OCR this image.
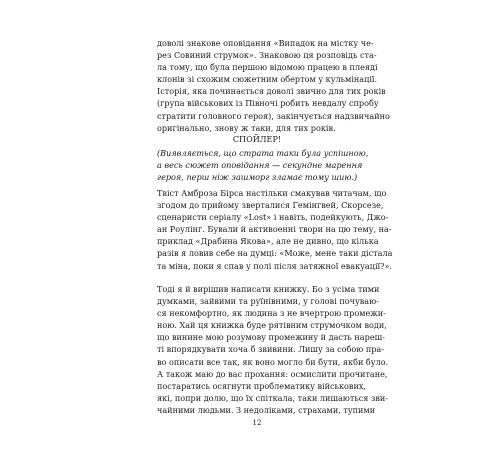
доволі знакове оповідання «Випадок на містку че-
рез Совиний струмок». Знаковою ця розповідь ста-
ла тому, що була першою відомою працею в плеяді
клонів зі схожим сюжетним обертом у кульмінації.
Історія, яка починається доволі звично для тих років
(група військових із Півночі робить невдалу спробу
стратити головного героя), закінчується надзвичайно
оригінально, знову ж таки, для тих років.
СПОЙЛЕР!
(Виявляється, що страта таки була успішною,
а весь сюжет оповідання — секундне марення
героя, перш ніж зашморг зламає тому шию.)
Твіст Амброза Бірса настільки смакував читачам, що
згодом до прийому зверталися Гемінгвей, Скорсезе,
сценаристи серіалу «Lost» і навіть, подейкують, Джо-
ан Роулінг. Бували й активоенні твори на цю тему, на-
приклад «Драбина Якова», але не дивно, що кілька
разів я ловив себе на думці: «Може, мене таки дістала
та міна, поки я спав у полі після затяжної евакуації?».
Тоді я й вирішив написати книжку. Бо з усіма тими
думками, зайвими та руїнівними, у голові почуваю-
ся некомфортно, як людина з не вчертрою промежи-
ною. Хай ця книжка буде рятівним струмочком води,
що винине мою розумову промежину й дасть нареш-
ті впорядкувати хоча б звивини. Лишу за собою пра-
во описати все так, як воно могло би бути, якби було.
А також маю до вас прохання: осмислити прочитане,
постаратись осягнути проблематику військових,
які, попри долю, що їх спіткала, таки лишаються зви-
чайними людьми. З недоліками, страхами, тупими
12
